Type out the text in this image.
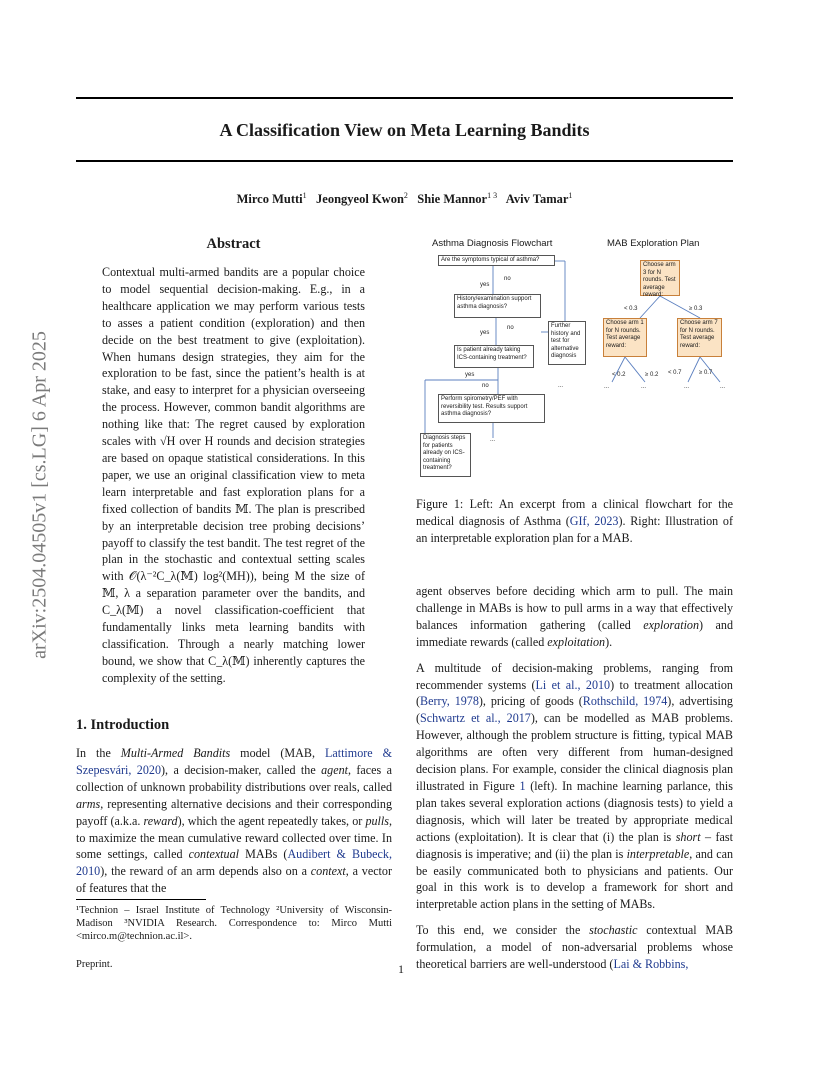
arXiv:2504.04505v1 [cs.LG] 6 Apr 2025
A Classification View on Meta Learning Bandits
Mirco Mutti$^1$ Jeongyeol Kwon$^2$ Shie Mannor$^{1 3}$ Aviv Tamar$^1$
Abstract

Contextual multi-armed bandits are a popular choice to model sequential decision-making. E.g., in a healthcare application we may perform various tests to asses a patient condition (exploration) and then decide on the best treatment to give (exploitation). When humans design strategies, they aim for the exploration to be fast, since the patient’s health is at stake, and easy to interpret for a physician overseeing the process. However, common bandit algorithms are nothing like that: The regret caused by exploration scales with √H over H rounds and decision strategies are based on opaque statistical considerations. In this paper, we use an original classification view to meta learn interpretable and fast exploration plans for a fixed collection of bandits 𝕄. The plan is prescribed by an interpretable decision tree probing decisions’ payoff to classify the test bandit. The test regret of the plan in the stochastic and contextual setting scales with 𝒪(λ⁻²C_λ(𝕄) log²(MH)), being M the size of 𝕄, λ a separation parameter over the bandits, and C_λ(𝕄) a novel classification-coefficient that fundamentally links meta learning bandits with classification. Through a nearly matching lower bound, we show that C_λ(𝕄) inherently captures the complexity of the setting.

1. Introduction

In the Multi-Armed Bandits model (MAB, Lattimore & Szepesvári, 2020), a decision-maker, called the agent, faces a collection of unknown probability distributions over reals, called arms, representing alternative decisions and their corresponding payoff (a.k.a. reward), which the agent repeatedly takes, or pulls, to maximize the mean cumulative reward collected over time. In some settings, called contextual MABs (Audibert & Bubeck, 2010), the reward of an arm depends also on a context, a vector of features that the

¹Technion – Israel Institute of Technology ²University of Wisconsin-Madison ³NVIDIA Research. Correspondence to: Mirco Mutti <mirco.m@technion.ac.il>.
Preprint.	1
Asthma Diagnosis Flowchart	MAB Exploration Plan
Are the symptoms typical of asthma?
History/examination support asthma diagnosis?
Further history and test for alternative diagnosis
Is patient already taking ICS-containing treatment?
Perform spirometry/PEF with reversibility test. Results support asthma diagnosis?
Diagnosis steps for patients already on ICS-containing treatment?
yes
no
yes
no
yes
no	...
...
Choose arm 3 for N rounds. Test average reward:
Choose arm 1 for N rounds. Test average reward:
Choose arm 7 for N rounds. Test average reward:
< 0.3	≥ 0.3
< 0.2	≥ 0.2 < 0.7	≥ 0.7
...	...	...	...
Figure 1: Left: An excerpt from a clinical flowchart for the medical diagnosis of Asthma (GIf, 2023). Right: Illustration of an interpretable exploration plan for a MAB.

agent observes before deciding which arm to pull. The main challenge in MABs is how to pull arms in a way that effectively balances information gathering (called exploration) and immediate rewards (called exploitation).

A multitude of decision-making problems, ranging from recommender systems (Li et al., 2010) to treatment allocation (Berry, 1978), pricing of goods (Rothschild, 1974), advertising (Schwartz et al., 2017), can be modelled as MAB problems. However, although the problem structure is fitting, typical MAB algorithms are often very different from human-designed decision plans. For example, consider the clinical diagnosis plan illustrated in Figure 1 (left). In machine learning parlance, this plan takes several exploration actions (diagnosis tests) to yield a diagnosis, which will later be treated by appropriate medical actions (exploitation). It is clear that (i) the plan is short – fast diagnosis is imperative; and (ii) the plan is interpretable, and can be easily communicated both to physicians and patients. Our goal in this work is to develop a framework for short and interpretable action plans in the setting of MABs.

To this end, we consider the stochastic contextual MAB formulation, a model of non-adversarial problems whose theoretical barriers are well-understood (Lai & Robbins,
